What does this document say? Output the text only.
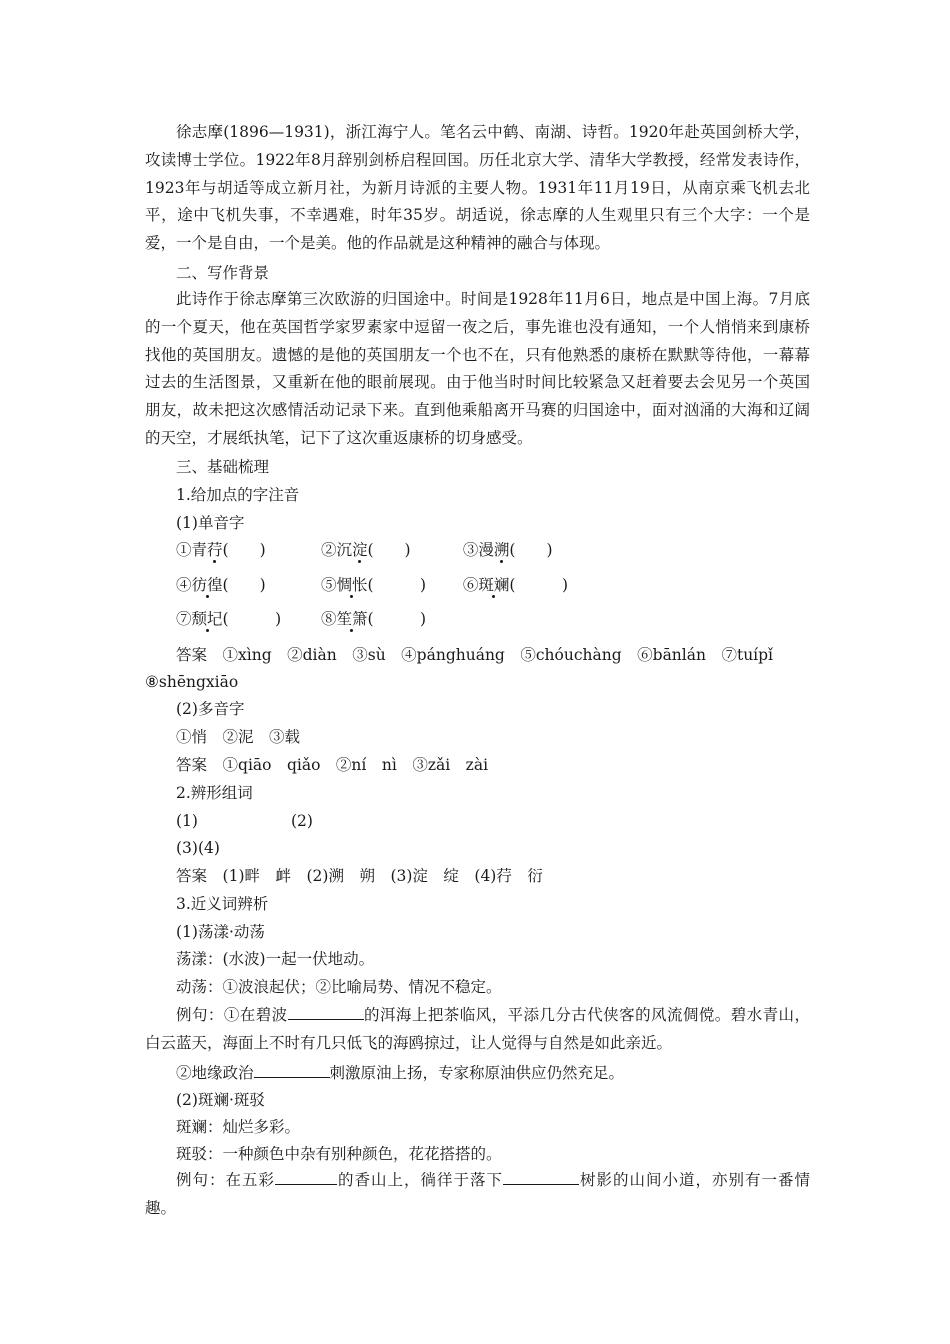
徐志摩(1896—1931)，浙江海宁人。笔名云中鹤、南湖、诗哲。1920年赴英国剑桥大学，攻读博士学位。1922年8月辞别剑桥启程回国。历任北京大学、清华大学教授，经常发表诗作，1923年与胡适等成立新月社，为新月诗派的主要人物。1931年11月19日，从南京乘飞机去北平，途中飞机失事，不幸遇难，时年35岁。胡适说，徐志摩的人生观里只有三个大字：一个是爱，一个是自由，一个是美。他的作品就是这种精神的融合与体现。
二、写作背景
此诗作于徐志摩第三次欧游的归国途中。时间是1928年11月6日，地点是中国上海。7月底的一个夏天，他在英国哲学家罗素家中逗留一夜之后，事先谁也没有通知，一个人悄悄来到康桥找他的英国朋友。遗憾的是他的英国朋友一个也不在，只有他熟悉的康桥在默默等待他，一幕幕过去的生活图景，又重新在他的眼前展现。由于他当时时间比较紧急又赶着要去会见另一个英国朋友，故未把这次感情活动记录下来。直到他乘船离开马赛的归国途中，面对汹涌的大海和辽阔的天空，才展纸执笔，记下了这次重返康桥的切身感受。
三、基础梳理
1.给加点的字注音
(1)单音字
①青荇(　　)	②沉淀(　　)	③漫溯(　　)
④彷徨(　　)	⑤惆怅(　　　) ⑥斑斓(　　　)
⑦颓圮(　　　)	⑧笙箫(　　　)
答案　 ①xìng　②diàn　③sù　④pánghuáng　⑤chóuchàng　⑥bānlán　⑦tuípǐ
⑧shēngxiāo
(2)多音字
①悄　②泥　③载
答案　 ①qiāo　qiǎo　②ní　nì　③zǎi　zài
2.辨形组词
(1)　　　　　　(2)
(3)(4)
答案　 (1)畔　衅　(2)溯　朔　(3)淀　绽　(4)荇　衍
3.近义词辨析
(1)荡漾·动荡
荡漾：(水波)一起一伏地动。
动荡：①波浪起伏；②比喻局势、情况不稳定。
例句：①在碧波	的洱海上把茶临风，平添几分古代侠客的风流倜傥。碧水青山，白云蓝天，海面上不时有几只低飞的海鸥掠过，让人觉得与自然是如此亲近。
②地缘政治	刺激原油上扬，专家称原油供应仍然充足。
(2)斑斓·斑驳
斑斓：灿烂多彩。
斑驳：一种颜色中杂有别种颜色，花花搭搭的。
例句：在五彩	的香山上，徜徉于落下	树影的山间小道，亦别有一番情趣。
